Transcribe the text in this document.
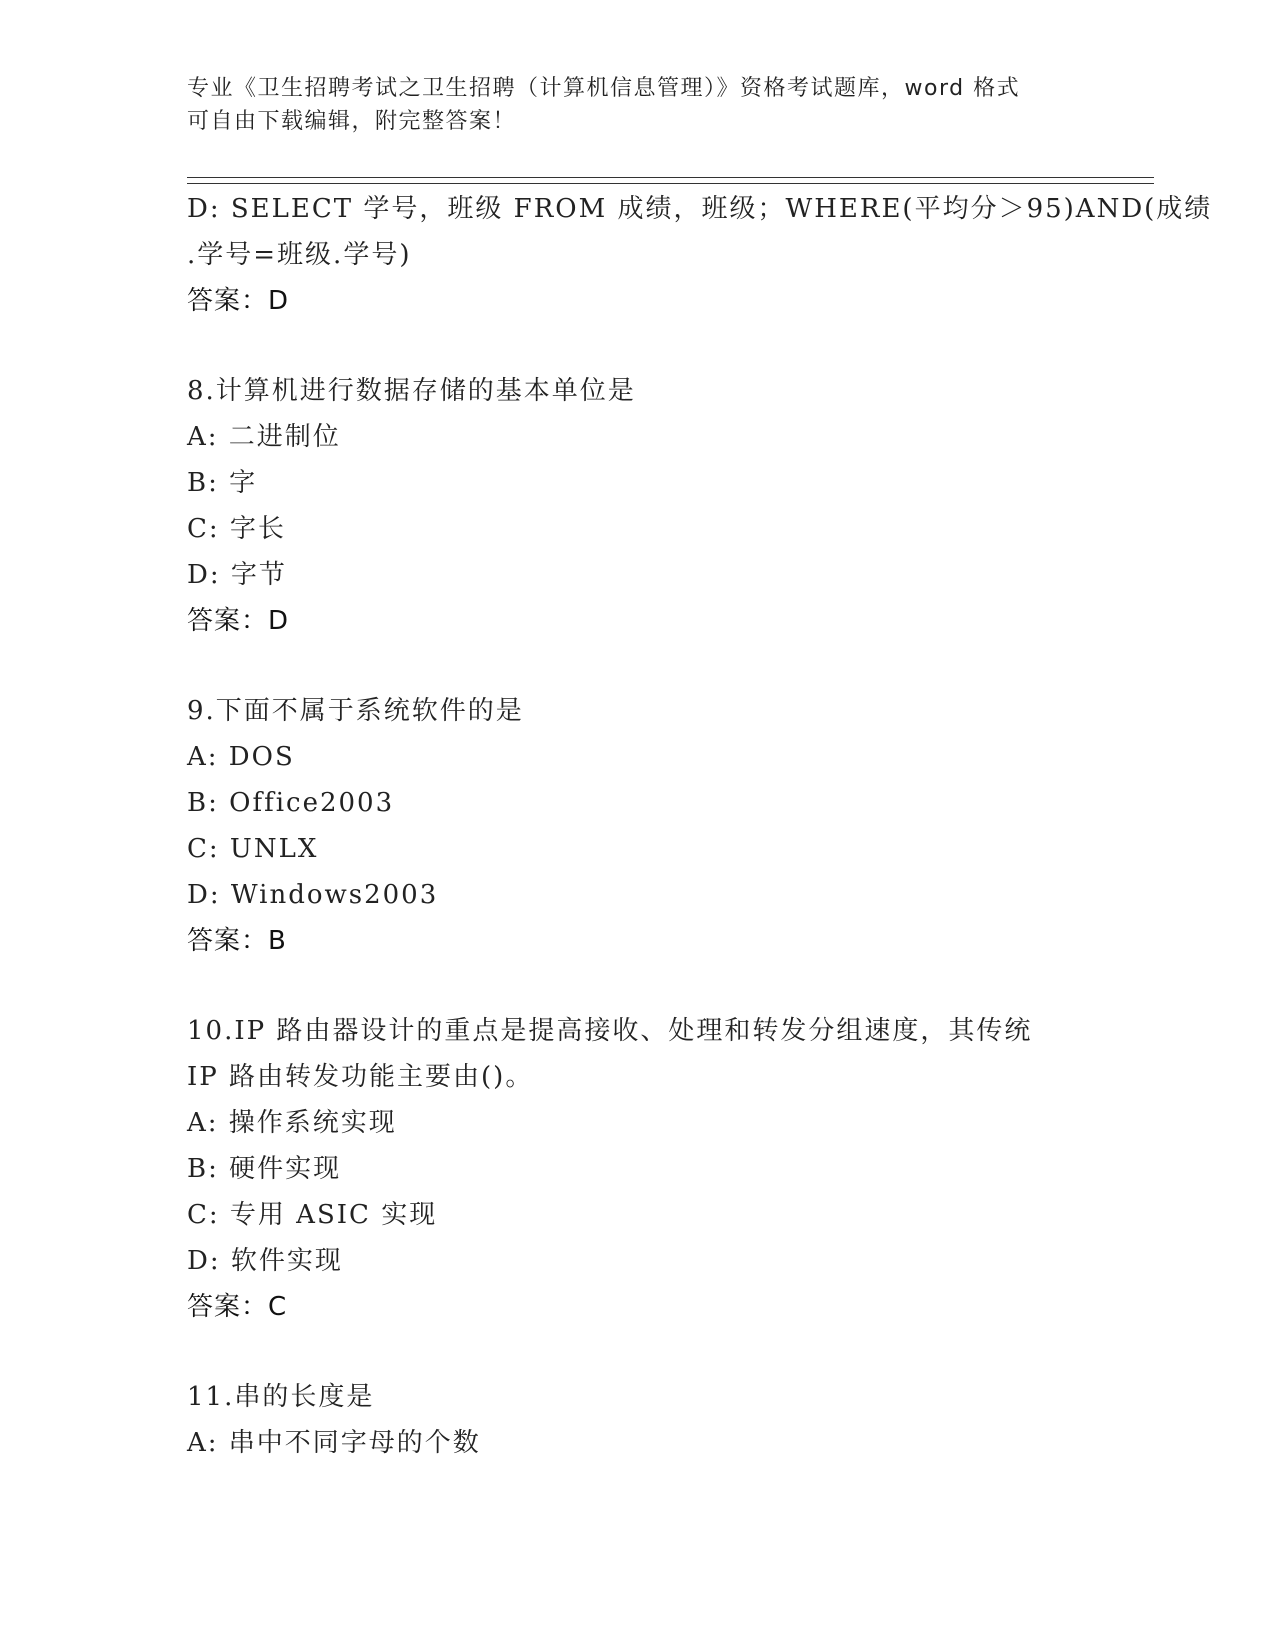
专业《卫生招聘考试之卫生招聘（计算机信息管理）》资格考试题库，word 格式
可自由下载编辑，附完整答案！
D: SELECT 学号，班级 FROM 成绩，班级；WHERE(平均分＞95)AND(成绩
.学号=班级.学号)
答案：D
8.计算机进行数据存储的基本单位是
A: 二进制位
B: 字
C: 字长
D: 字节
答案：D
9.下面不属于系统软件的是
A: DOS
B: Office2003
C: UNLX
D: Windows2003
答案：B
10.IP 路由器设计的重点是提高接收、处理和转发分组速度，其传统
IP 路由转发功能主要由()。
A: 操作系统实现
B: 硬件实现
C: 专用 ASIC 实现
D: 软件实现
答案：C
11.串的长度是
A: 串中不同字母的个数
